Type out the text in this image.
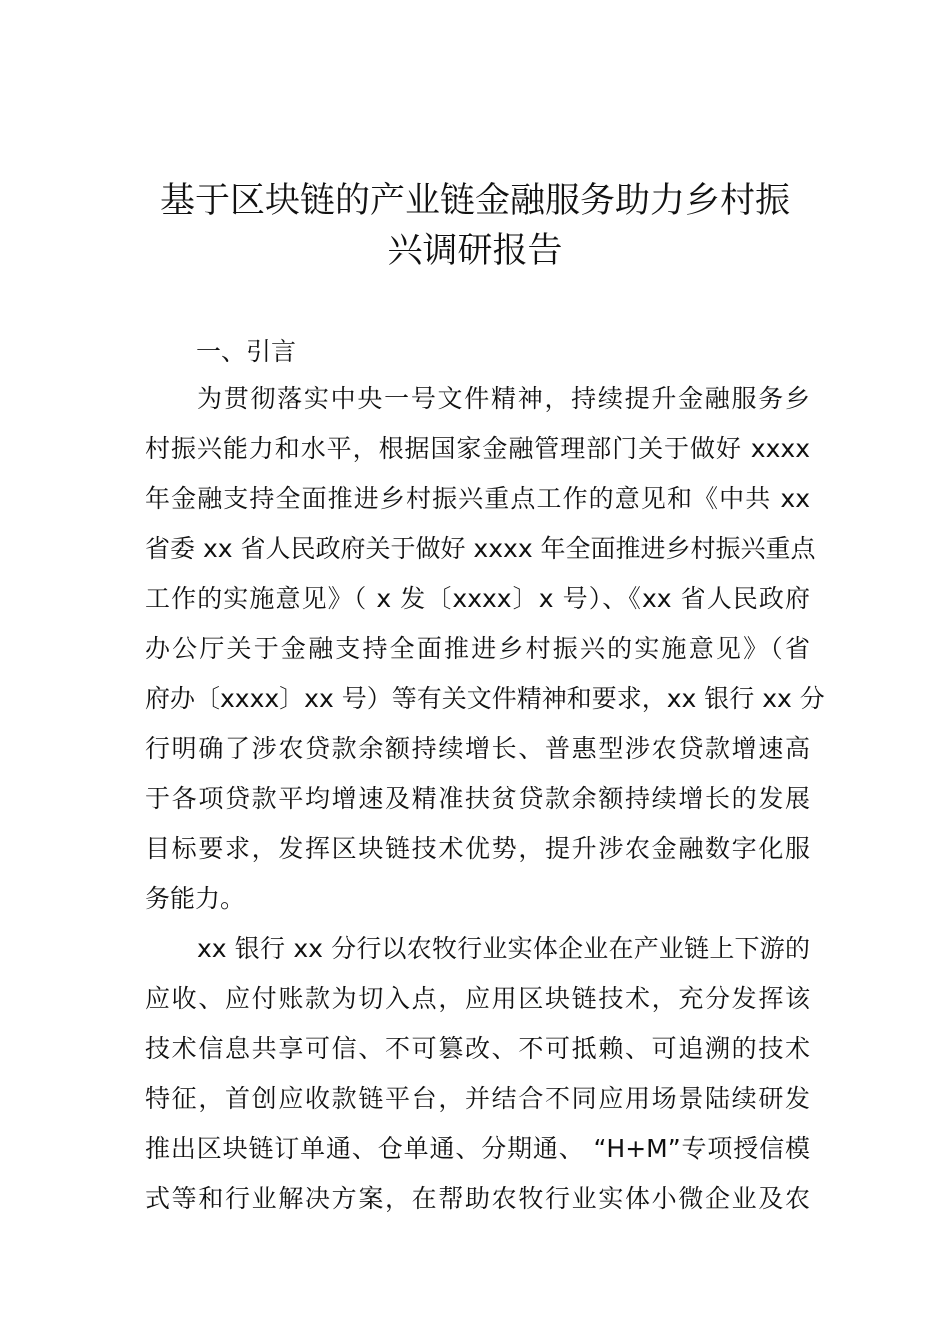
基于区块链的产业链金融服务助力乡村振
兴调研报告
一、引言

为贯彻落实中央一号文件精神，持续提升金融服务乡
村振兴能力和水平，根据国家金融管理部门关于做好 xxxx
年金融支持全面推进乡村振兴重点工作的意见和《中共 xx
省委 xx 省人民政府关于做好 xxxx 年全面推进乡村振兴重点
工作的实施意见》（ x 发〔xxxx〕x 号）、《xx 省人民政府
办公厅关于金融支持全面推进乡村振兴的实施意见》（省
府办〔xxxx〕xx 号）等有关文件精神和要求，xx 银行 xx 分
行明确了涉农贷款余额持续增长、普惠型涉农贷款增速高
于各项贷款平均增速及精准扶贫贷款余额持续增长的发展
目标要求，发挥区块链技术优势，提升涉农金融数字化服
务能力。

xx 银行 xx 分行以农牧行业实体企业在产业链上下游的
应收、应付账款为切入点，应用区块链技术，充分发挥该
技术信息共享可信、不可篡改、不可抵赖、可追溯的技术
特征，首创应收款链平台，并结合不同应用场景陆续研发
推出区块链订单通、仓单通、分期通、 “H+M”专项授信模
式等和行业解决方案，在帮助农牧行业实体小微企业及农
